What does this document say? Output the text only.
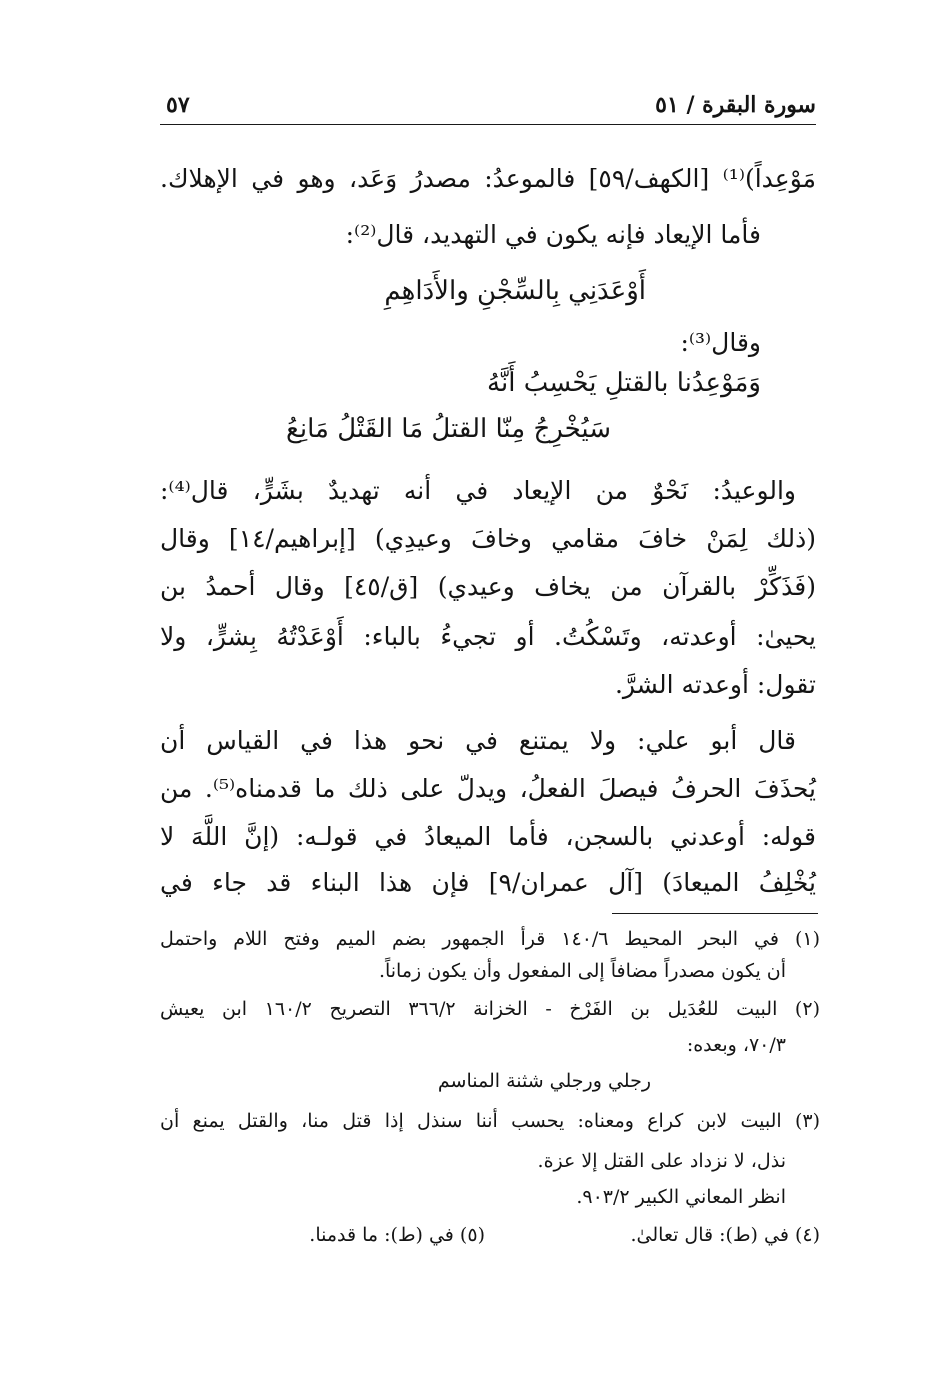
سورة البقرة / ٥١
٥٧
مَوْعِداً)⁽¹⁾ [الكهف/٥٩] فالموعدُ: مصدرُ وَعَد، وهو في الإهلاك.
فأما الإيعاد فإنه يكون في التهديد، قال⁽²⁾:
أَوْعَدَنِي بِالسِّجْنِ والأَدَاهِمِ
وقال⁽³⁾:
وَمَوْعِدُنا بالقتلِ يَحْسِبُ أَنَّهُ
سَيُخْرِجُ مِنّا القتلُ مَا القَتْلُ مَانِعُ
والوعيدُ: نَحْوٌ من الإيعاد في أنه تهديدٌ بشَرٍّ، قال⁽⁴⁾:
(ذلك لِمَنْ خافَ مقامي وخافَ وعيدِي) [إبراهيم/١٤] وقال
(فَذَكِّرْ بالقرآن من يخاف وعيدي) [ق/٤٥] وقال أحمدُ بن
يحيىٰ: أوعدته، وتَسْكُتُ. أو تجيءُ بالباء: أَوْعَدْتُهُ بِشرٍّ، ولا
تقول: أوعدته الشرَّ.
قال أبو علي: ولا يمتنع في نحو هذا في القياس أن
يُحذَفَ الحرفُ فيصلَ الفعلُ، ويدلّ على ذلك ما قدمناه⁽⁵⁾. من
قوله: أوعدني بالسجن، فأما الميعادُ في قولـه: (إنَّ اللَّهَ لا
يُخْلِفُ الميعادَ) [آل عمران/٩] فإن هذا البناء قد جاء في
(١) في البحر المحيط ١٤٠/٦ قرأ الجمهور بضم الميم وفتح اللام واحتمل
أن يكون مصدراً مضافاً إلى المفعول وأن يكون زماناً.
(٢) البيت للعُدَيل بن الفَرْخ - الخزانة ٣٦٦/٢ التصريح ١٦٠/٢ ابن يعيش
٧٠/٣، وبعده:
رجلي ورجلي شثنة المناسم
(٣) البيت لابن كراع ومعناه: يحسب أننا سنذل إذا قتل منا، والقتل يمنع أن
نذل، لا نزداد على القتل إلا عزة.
انظر المعاني الكبير ٩٠٣/٢.
(٤) في (ط): قال تعالىٰ.
(٥) في (ط): ما قدمنا.
